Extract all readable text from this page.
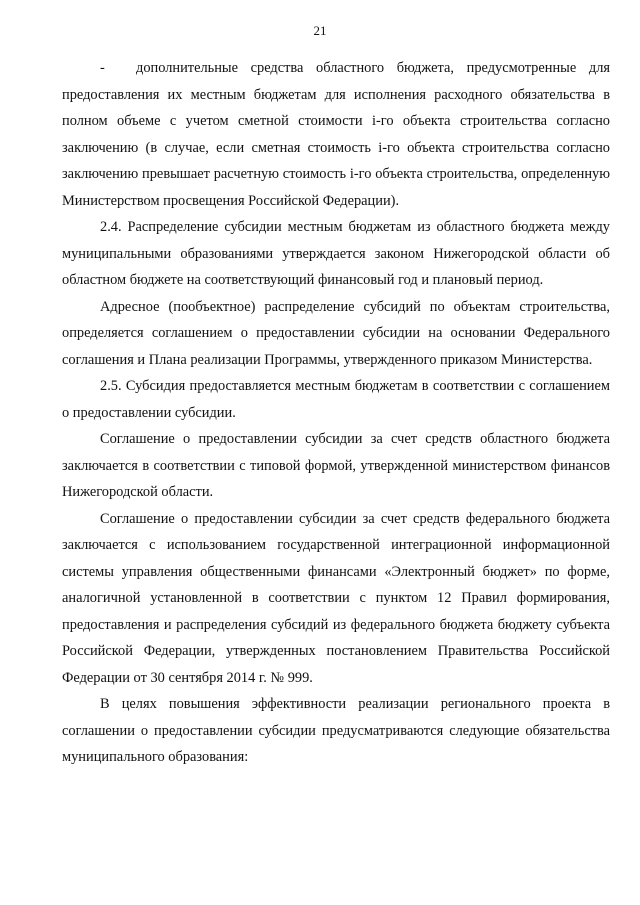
21

- дополнительные средства областного бюджета, предусмотренные для предоставления их местным бюджетам для исполнения расходного обязательства в полном объеме с учетом сметной стоимости i-го объекта строительства согласно заключению (в случае, если сметная стоимость i-го объекта строительства согласно заключению превышает расчетную стоимость i-го объекта строительства, определенную Министерством просвещения Российской Федерации).

2.4. Распределение субсидии местным бюджетам из областного бюджета между муниципальными образованиями утверждается законом Нижегородской области об областном бюджете на соответствующий финансовый год и плановый период.

Адресное (пообъектное) распределение субсидий по объектам строительства, определяется соглашением о предоставлении субсидии на основании Федерального соглашения и Плана реализации Программы, утвержденного приказом Министерства.

2.5. Субсидия предоставляется местным бюджетам в соответствии с соглашением о предоставлении субсидии.

Соглашение о предоставлении субсидии за счет средств областного бюджета заключается в соответствии с типовой формой, утвержденной министерством финансов Нижегородской области.

Соглашение о предоставлении субсидии за счет средств федерального бюджета заключается с использованием государственной интеграционной информационной системы управления общественными финансами «Электронный бюджет» по форме, аналогичной установленной в соответствии с пунктом 12 Правил формирования, предоставления и распределения субсидий из федерального бюджета бюджету субъекта Российской Федерации, утвержденных постановлением Правительства Российской Федерации от 30 сентября 2014 г. № 999.

В целях повышения эффективности реализации регионального проекта в соглашении о предоставлении субсидии предусматриваются следующие обязательства муниципального образования:
